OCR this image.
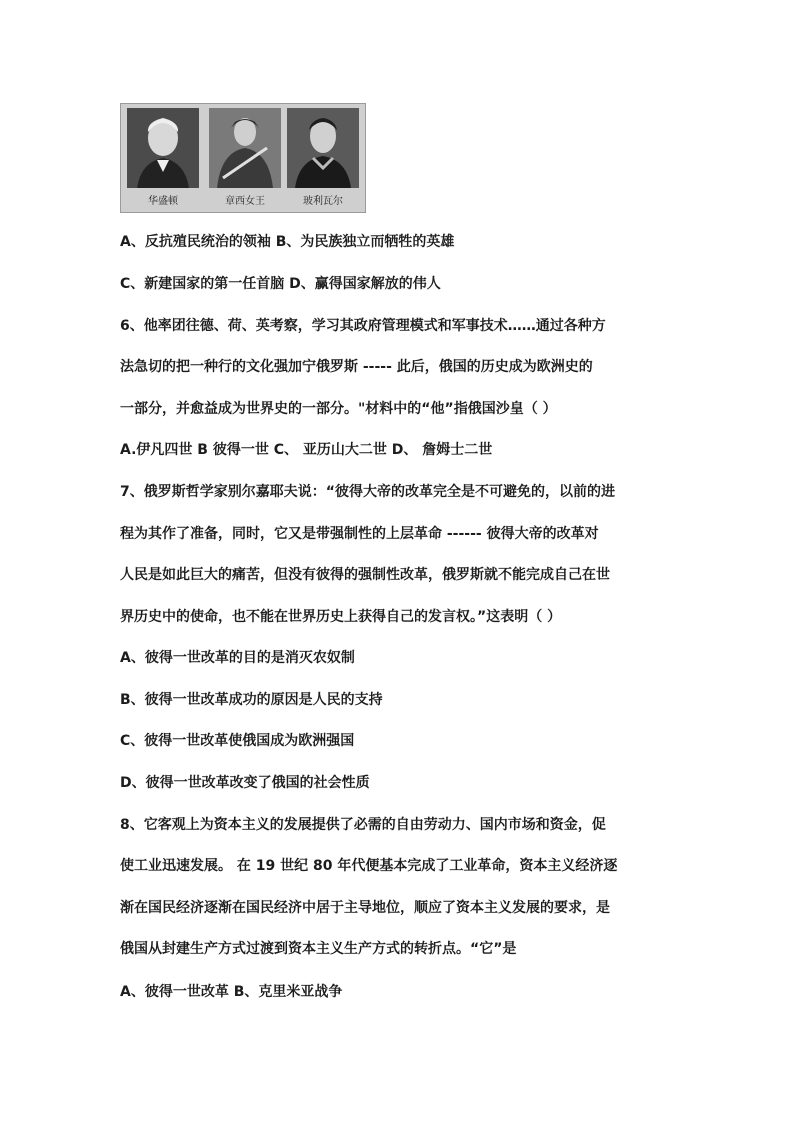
华盛顿	章西女王	玻利瓦尔
A、反抗殖民统治的领袖 B、为民族独立而牺牲的英雄
C、新建国家的第一任首脑 D、赢得国家解放的伟人
6、他率团往德、荷、英考察，学习其政府管理模式和军事技术……通过各种方
法急切的把一种行的文化强加宁俄罗斯 ----- 此后，俄国的历史成为欧洲史的
一部分，并愈益成为世界史的一部分。"材料中的“他”指俄国沙皇（ ）
A.伊凡四世 B 彼得一世 C、 亚历山大二世 D、 詹姆士二世
7、俄罗斯哲学家别尔嘉耶夫说：“彼得大帝的改革完全是不可避免的，以前的进
程为其作了准备，同时，它又是带强制性的上层革命 ------ 彼得大帝的改革对
人民是如此巨大的痛苦，但没有彼得的强制性改革，俄罗斯就不能完成自己在世
界历史中的使命，也不能在世界历史上获得自己的发言权。”这表明（ ）
A、彼得一世改革的目的是消灭农奴制
B、彼得一世改革成功的原因是人民的支持
C、彼得一世改革使俄国成为欧洲强国
D、彼得一世改革改变了俄国的社会性质
8、它客观上为资本主义的发展提供了必需的自由劳动力、国内市场和资金，促
使工业迅速发展。 在 19 世纪 80 年代便基本完成了工业革命，资本主义经济逐
渐在国民经济逐渐在国民经济中居于主导地位，顺应了资本主义发展的要求，是
俄国从封建生产方式过渡到资本主义生产方式的转折点。“它”是
A、彼得一世改革 B、克里米亚战争
